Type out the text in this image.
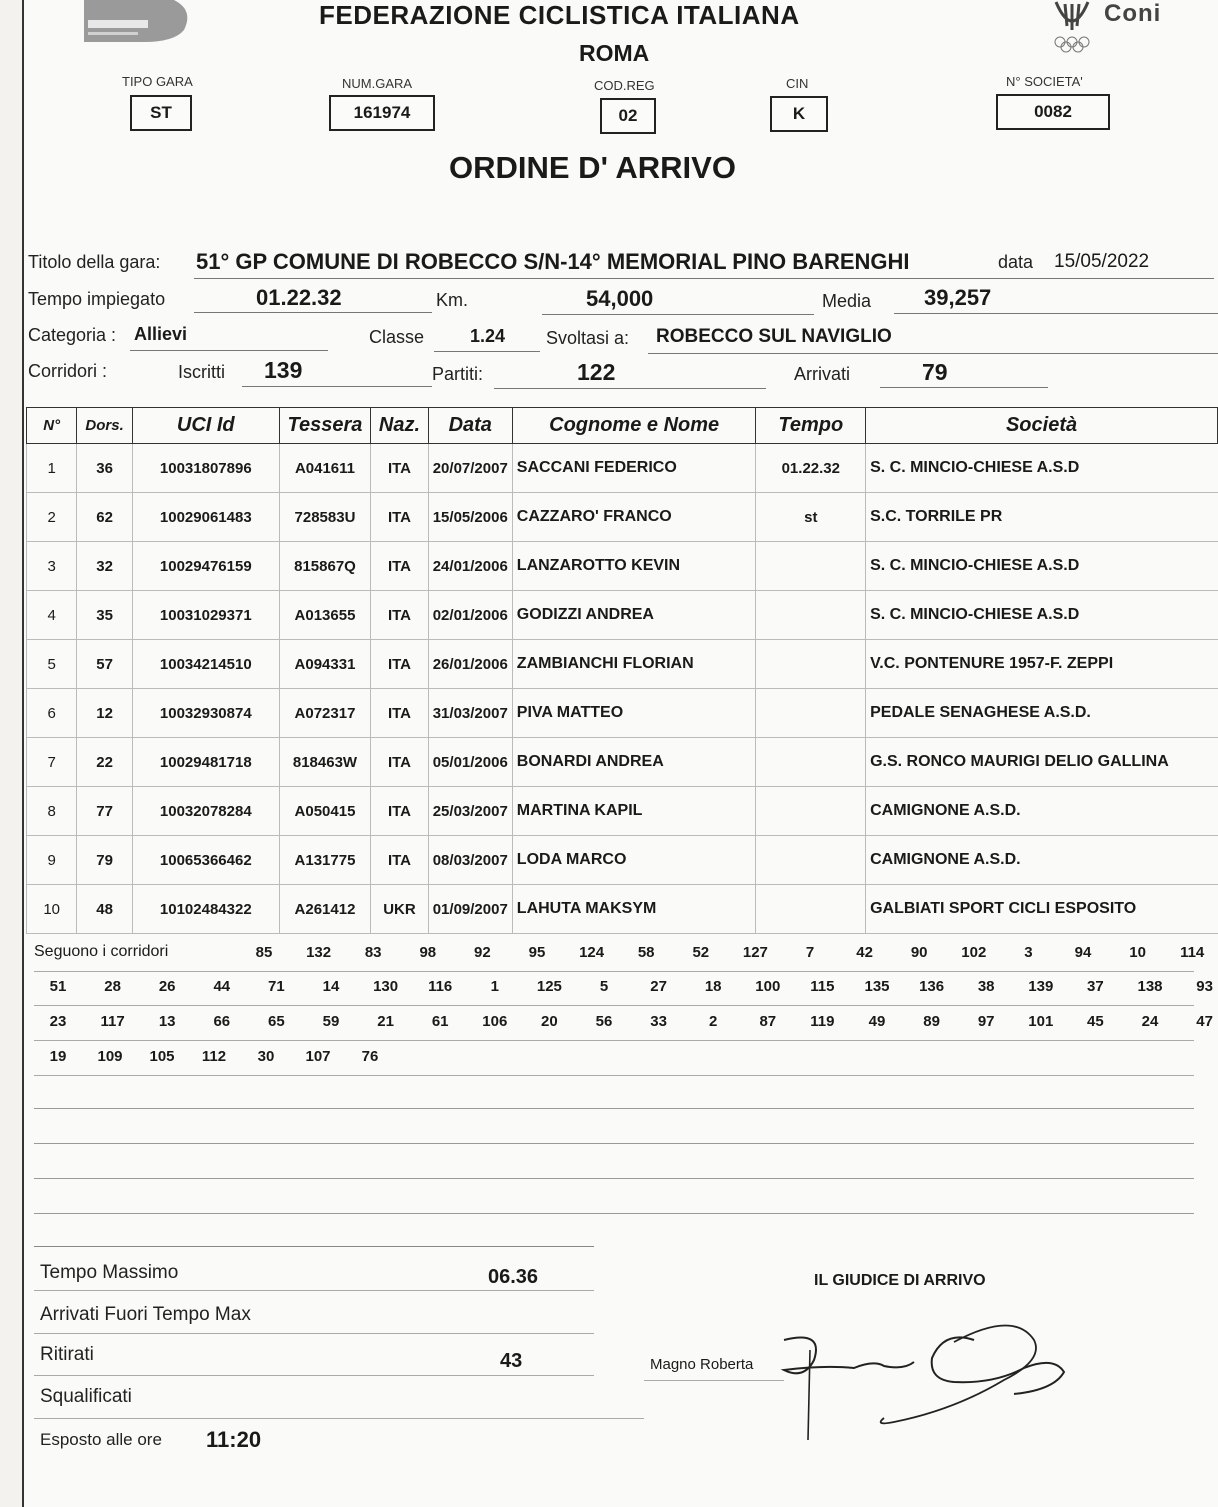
FEDERAZIONE CICLISTICA ITALIANA
ROMA
Coni
TIPO GARA
ST
NUM.GARA
161974
COD.REG
02
CIN
K
N° SOCIETA'
0082
ORDINE D' ARRIVO
Titolo della gara: 51° GP COMUNE DI ROBECCO S/N-14° MEMORIAL PINO BARENGHI	data 15/05/2022
Tempo impiegato	01.22.32	Km.	54,000	Media 39,257
Categoria : Allievi	Classe	1.24 Svoltasi a: ROBECCO SUL NAVIGLIO
Corridori :	Iscritti 139	Partiti:	122	Arrivati	79
N°	Dors.	UCI Id	Tessera	Naz.	Data	Cognome e Nome	Tempo	Società
1	36	10031807896	A041611	ITA	20/07/2007	SACCANI FEDERICO	01.22.32	S. C. MINCIO-CHIESE A.S.D
2	62	10029061483	728583U	ITA	15/05/2006	CAZZARO' FRANCO	st	S.C. TORRILE PR
3	32	10029476159	815867Q	ITA	24/01/2006	LANZAROTTO KEVIN		S. C. MINCIO-CHIESE A.S.D
4	35	10031029371	A013655	ITA	02/01/2006	GODIZZI ANDREA		S. C. MINCIO-CHIESE A.S.D
5	57	10034214510	A094331	ITA	26/01/2006	ZAMBIANCHI FLORIAN		V.C. PONTENURE 1957-F. ZEPPI
6	12	10032930874	A072317	ITA	31/03/2007	PIVA MATTEO		PEDALE SENAGHESE A.S.D.
7	22	10029481718	818463W	ITA	05/01/2006	BONARDI ANDREA		G.S. RONCO MAURIGI DELIO GALLINA
8	77	10032078284	A050415	ITA	25/03/2007	MARTINA KAPIL		CAMIGNONE A.S.D.
9	79	10065366462	A131775	ITA	08/03/2007	LODA MARCO		CAMIGNONE A.S.D.
10	48	10102484322	A261412	UKR	01/09/2007	LAHUTA MAKSYM		GALBIATI SPORT CICLI ESPOSITO
Seguono i corridori	85	132	83	98	92	95	124	58	52	127	7	42	90	102	3	94	10	114
51	28	26	44	71	14	130	116	1	125	5	27	18	100	115	135	136	38	139	37	138	93
23	117	13	66	65	59	21	61	106	20	56	33	2	87	119	49	89	97	101	45	24	47
19	109	105	112	30	107	76
Tempo Massimo	06.36
Arrivati Fuori Tempo Max
Ritirati	43
Squalificati
Esposto alle ore 11:20
IL GIUDICE DI ARRIVO
Magno Roberta
